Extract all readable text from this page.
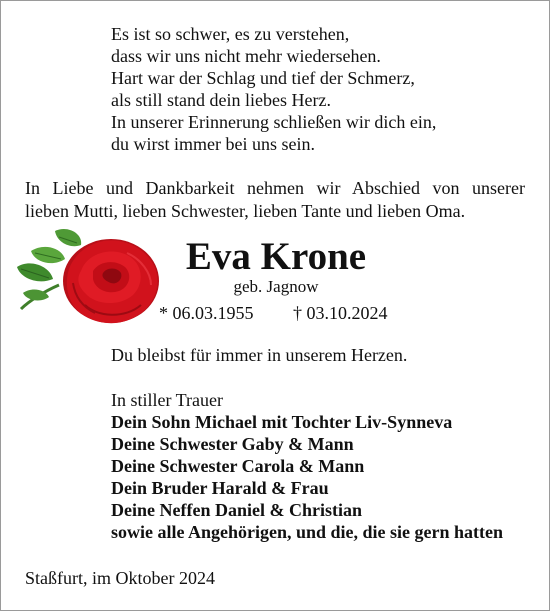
Es ist so schwer, es zu verstehen,
dass wir uns nicht mehr wiedersehen.
Hart war der Schlag und tief der Schmerz,
als still stand dein liebes Herz.
In unserer Erinnerung schließen wir dich ein,
du wirst immer bei uns sein.
In Liebe und Dankbarkeit nehmen wir Abschied von unserer
lieben Mutti, lieben Schwester, lieben Tante und lieben Oma.
Eva Krone
geb. Jagnow
* 06.03.1955 † 03.10.2024
Du bleibst für immer in unserem Herzen.
In stiller Trauer
Dein Sohn Michael mit Tochter Liv-Synneva
Deine Schwester Gaby & Mann
Deine Schwester Carola & Mann
Dein Bruder Harald & Frau
Deine Neffen Daniel & Christian
sowie alle Angehörigen, und die, die sie gern hatten
Staßfurt, im Oktober 2024
